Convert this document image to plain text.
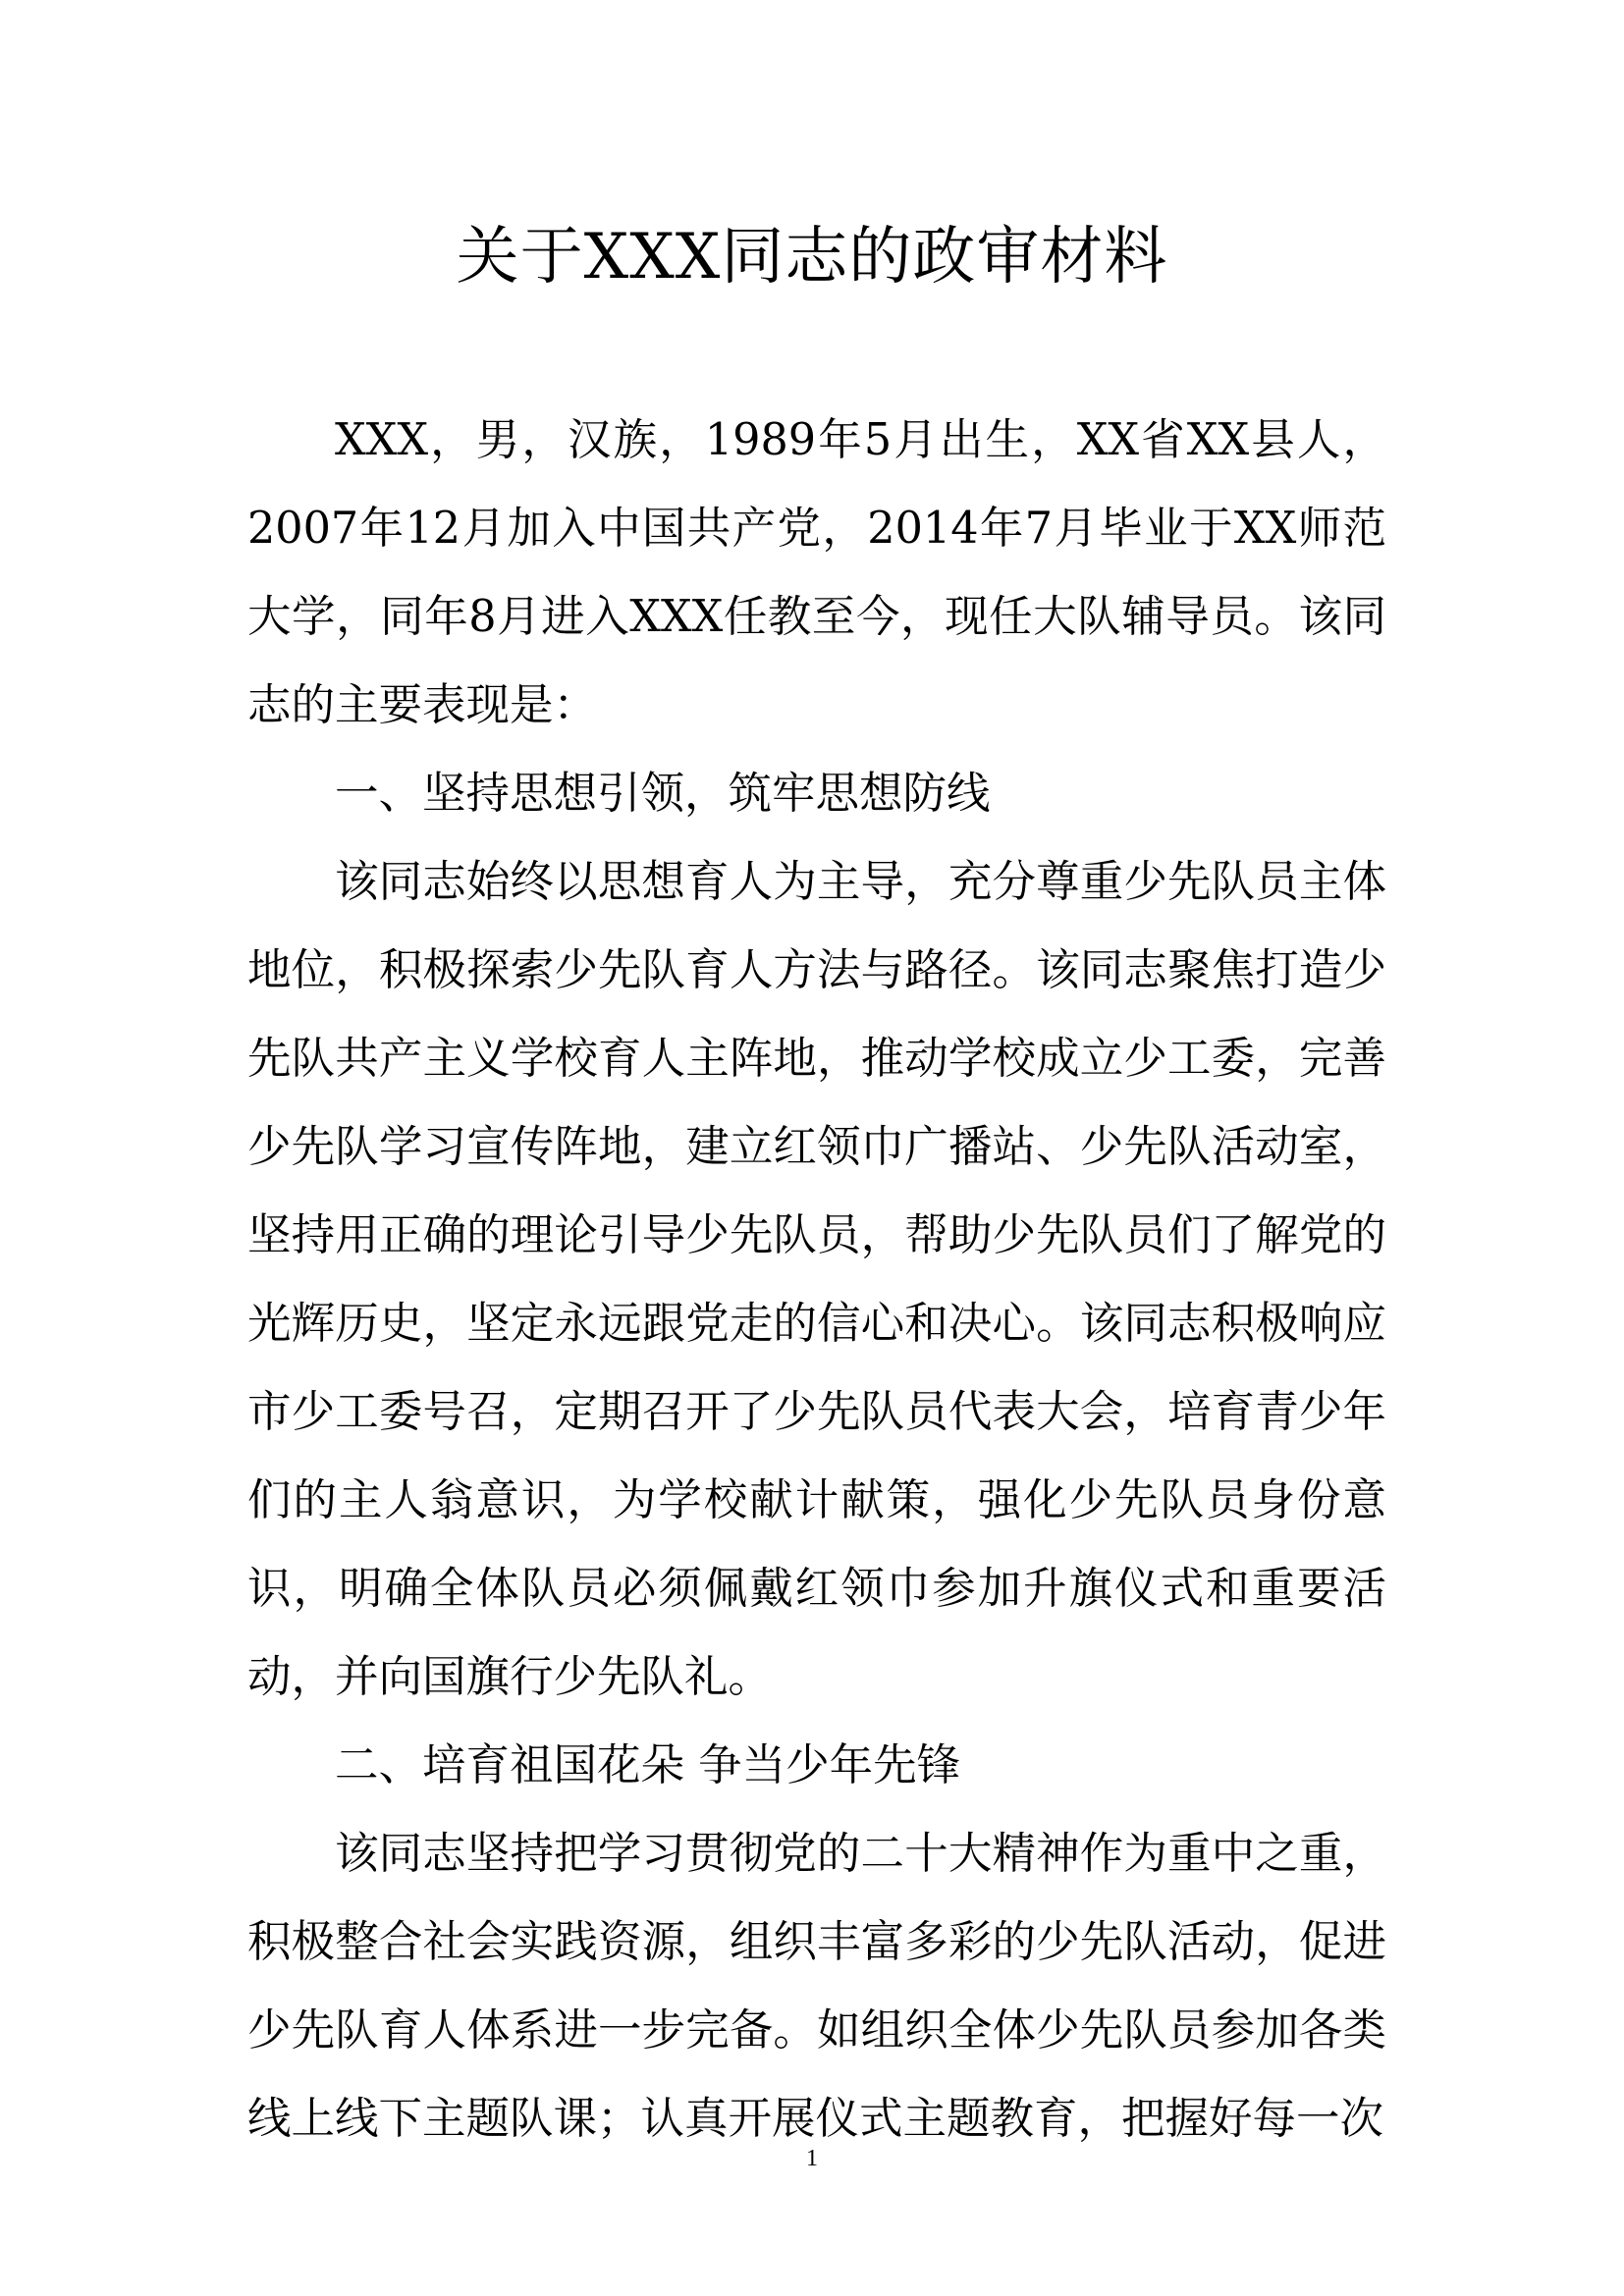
关于XXX同志的政审材料

XXX，男，汉族，1989年5月出生，XX省XX县人，2007年12月加入中国共产党，2014年7月毕业于XX师范大学，同年8月进入XXX任教至今，现任大队辅导员。该同志的主要表现是：

一、坚持思想引领，筑牢思想防线

该同志始终以思想育人为主导，充分尊重少先队员主体地位，积极探索少先队育人方法与路径。该同志聚焦打造少先队共产主义学校育人主阵地，推动学校成立少工委，完善少先队学习宣传阵地，建立红领巾广播站、少先队活动室，坚持用正确的理论引导少先队员，帮助少先队员们了解党的光辉历史，坚定永远跟党走的信心和决心。该同志积极响应市少工委号召，定期召开了少先队员代表大会，培育青少年们的主人翁意识，为学校献计献策，强化少先队员身份意识，明确全体队员必须佩戴红领巾参加升旗仪式和重要活动，并向国旗行少先队礼。

二、培育祖国花朵 争当少年先锋

该同志坚持把学习贯彻党的二十大精神作为重中之重，积极整合社会实践资源，组织丰富多彩的少先队活动，促进少先队育人体系进一步完备。如组织全体少先队员参加各类线上线下主题队课；认真开展仪式主题教育，把握好每一次

1
